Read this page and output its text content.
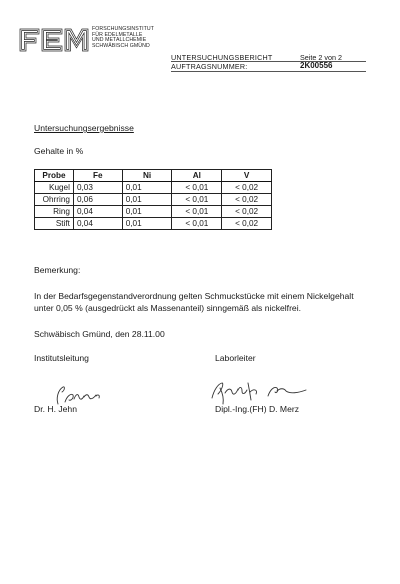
FORSCHUNGSINSTITUT
FÜR EDELMETALLE
UND METALLCHEMIE
SCHWÄBISCH GMÜND
UNTERSUCHUNGSBERICHT	Seite 2 von 2
AUFTRAGSNUMMER:	2K00556
Untersuchungsergebnisse
Gehalte in %
Probe	Fe	Ni	Al	V
Kugel	0,03	0,01	< 0,01	< 0,02
Ohrring	0,06	0,01	< 0,01	< 0,02
Ring	0,04	0,01	< 0,01	< 0,02
Stift	0,04	0,01	< 0,01	< 0,02
Bemerkung:
In der Bedarfsgegenstandverordnung gelten Schmuckstücke mit einem Nickelgehalt
unter 0,05 % (ausgedrückt als Massenanteil) sinngemäß als nickelfrei.
Schwäbisch Gmünd, den 28.11.00
Institutsleitung	Laborleiter
Dr. H. Jehn	Dipl.-Ing.(FH) D. Merz
